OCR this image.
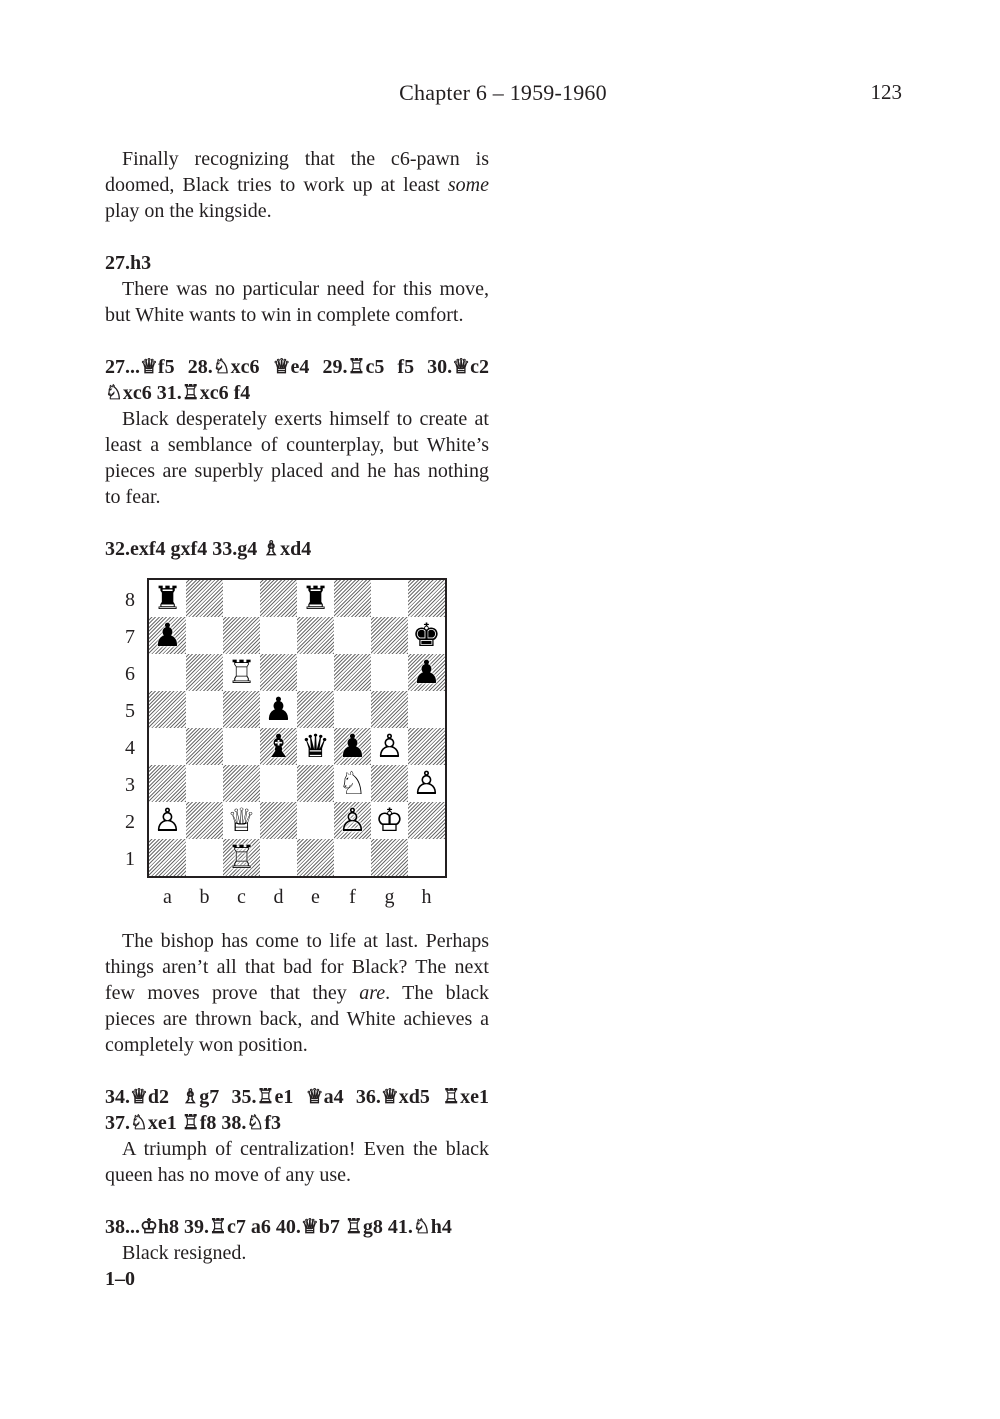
Chapter 6 – 1959-1960	123

Finally recognizing that the c6-pawn is doomed, Black tries to work up at least some play on the kingside.

27.h3

There was no particular need for this move, but White wants to win in complete comfort.

27...♕f5 28.♘xc6 ♕e4 29.♖c5 f5 30.♕c2 ♘xc6 31.♖xc6 f4

Black desperately exerts himself to create at least a semblance of counterplay, but White’s pieces are superbly placed and he has nothing to fear.

32.exf4 gxf4 33.g4 ♗xd4

8
7
6
5
4
3
2
1
♜	♜
♟	♚
♖	♟
♟
♝ ♛ ♟ ♙
♘ ♙
♙ ♕	♙ ♔
♖
a	b	c	d	e	f	g	h

The bishop has come to life at last. Perhaps things aren’t all that bad for Black? The next few moves prove that they are. The black pieces are thrown back, and White achieves a completely won position.

34.♕d2 ♗g7 35.♖e1 ♕a4 36.♕xd5 ♖xe1 37.♘xe1 ♖f8 38.♘f3

A triumph of centralization! Even the black queen has no move of any use.

38...♔h8 39.♖c7 a6 40.♕b7 ♖g8 41.♘h4

Black resigned.

1–0
